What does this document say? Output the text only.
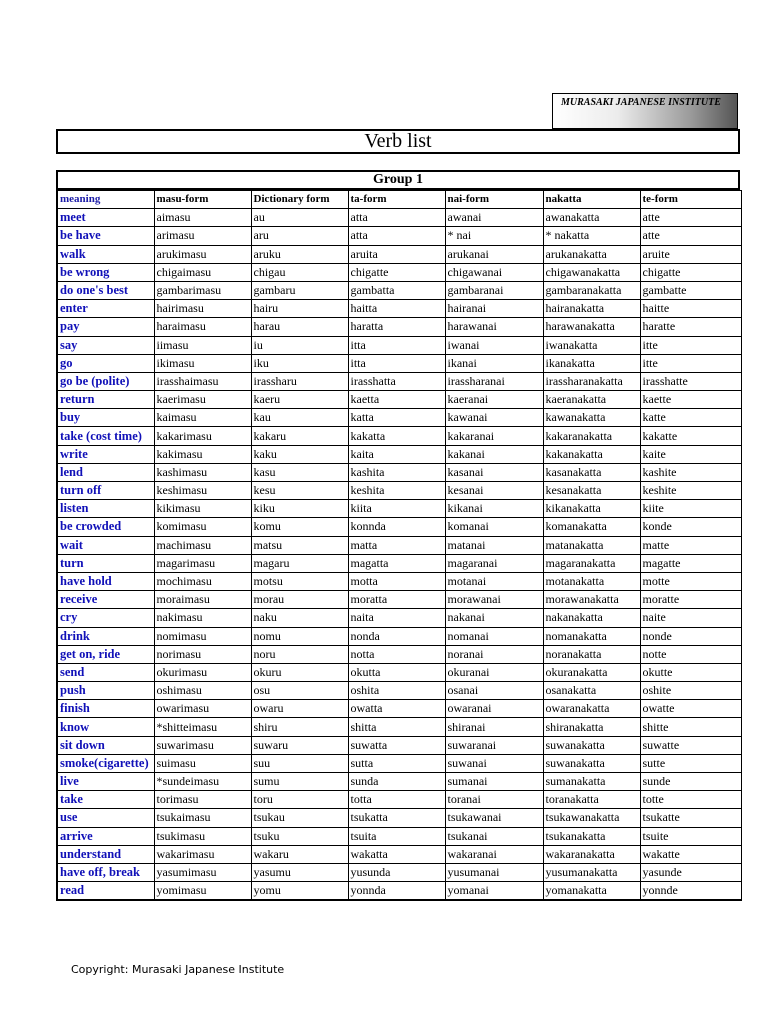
MURASAKI JAPANESE INSTITUTE
Verb list
Group 1
meaning	masu-form	Dictionary form	ta-form	nai-form	nakatta	te-form
meet	aimasu	au	atta	awanai	awanakatta	atte
be have	arimasu	aru	atta	* nai	* nakatta	atte
walk	arukimasu	aruku	aruita	arukanai	arukanakatta	aruite
be wrong	chigaimasu	chigau	chigatte	chigawanai	chigawanakatta	chigatte
do one's best	gambarimasu	gambaru	gambatta	gambaranai	gambaranakatta	gambatte
enter	hairimasu	hairu	haitta	hairanai	hairanakatta	haitte
pay	haraimasu	harau	haratta	harawanai	harawanakatta	haratte
say	iimasu	iu	itta	iwanai	iwanakatta	itte
go	ikimasu	iku	itta	ikanai	ikanakatta	itte
go be (polite)	irasshaimasu	irassharu	irasshatta	irassharanai	irassharanakatta	irasshatte
return	kaerimasu	kaeru	kaetta	kaeranai	kaeranakatta	kaette
buy	kaimasu	kau	katta	kawanai	kawanakatta	katte
take (cost time)	kakarimasu	kakaru	kakatta	kakaranai	kakaranakatta	kakatte
write	kakimasu	kaku	kaita	kakanai	kakanakatta	kaite
lend	kashimasu	kasu	kashita	kasanai	kasanakatta	kashite
turn off	keshimasu	kesu	keshita	kesanai	kesanakatta	keshite
listen	kikimasu	kiku	kiita	kikanai	kikanakatta	kiite
be crowded	komimasu	komu	konnda	komanai	komanakatta	konde
wait	machimasu	matsu	matta	matanai	matanakatta	matte
turn	magarimasu	magaru	magatta	magaranai	magaranakatta	magatte
have hold	mochimasu	motsu	motta	motanai	motanakatta	motte
receive	moraimasu	morau	moratta	morawanai	morawanakatta	moratte
cry	nakimasu	naku	naita	nakanai	nakanakatta	naite
drink	nomimasu	nomu	nonda	nomanai	nomanakatta	nonde
get on, ride	norimasu	noru	notta	noranai	noranakatta	notte
send	okurimasu	okuru	okutta	okuranai	okuranakatta	okutte
push	oshimasu	osu	oshita	osanai	osanakatta	oshite
finish	owarimasu	owaru	owatta	owaranai	owaranakatta	owatte
know	*shitteimasu	shiru	shitta	shiranai	shiranakatta	shitte
sit down	suwarimasu	suwaru	suwatta	suwaranai	suwanakatta	suwatte
smoke(cigarette)	suimasu	suu	sutta	suwanai	suwanakatta	sutte
live	*sundeimasu	sumu	sunda	sumanai	sumanakatta	sunde
take	torimasu	toru	totta	toranai	toranakatta	totte
use	tsukaimasu	tsukau	tsukatta	tsukawanai	tsukawanakatta	tsukatte
arrive	tsukimasu	tsuku	tsuita	tsukanai	tsukanakatta	tsuite
understand	wakarimasu	wakaru	wakatta	wakaranai	wakaranakatta	wakatte
have off, break	yasumimasu	yasumu	yusunda	yusumanai	yusumanakatta	yasunde
read	yomimasu	yomu	yonnda	yomanai	yomanakatta	yonnde
Copyright: Murasaki Japanese Institute
